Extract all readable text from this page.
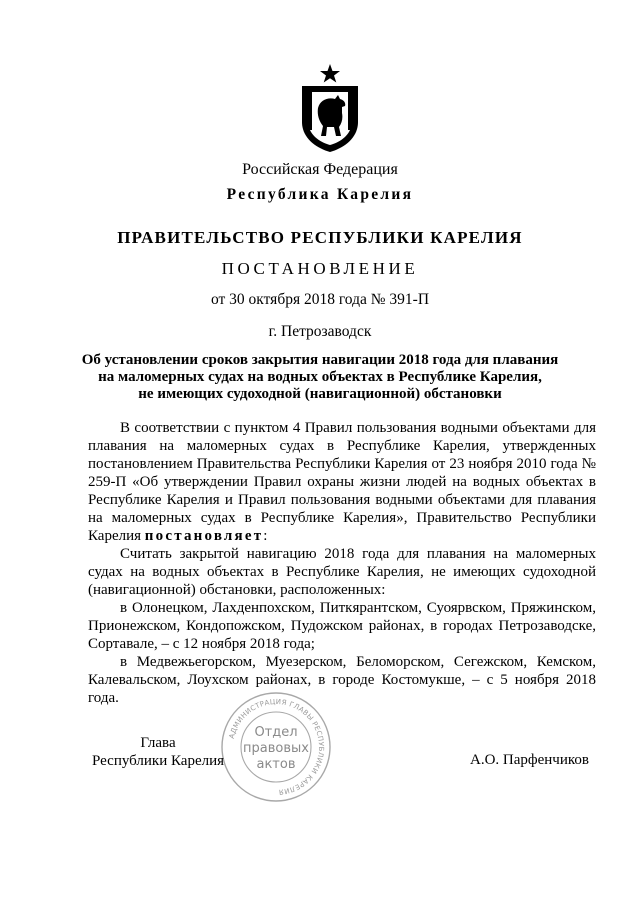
Российская Федерация
Республика Карелия
ПРАВИТЕЛЬСТВО РЕСПУБЛИКИ КАРЕЛИЯ
ПОСТАНОВЛЕНИЕ
от 30 октября 2018 года № 391-П
г. Петрозаводск
Об установлении сроков закрытия навигации 2018 года для плавания
на маломерных судах на водных объектах в Республике Карелия,
не имеющих судоходной (навигационной) обстановки

В соответствии с пунктом 4 Правил пользования водными объектами для плавания на маломерных судах в Республике Карелия, утвержденных постановлением Правительства Республики Карелия от 23 ноября 2010 года № 259-П «Об утверждении Правил охраны жизни людей на водных объектах в Республике Карелия и Правил пользования водными объектами для плавания на маломерных судах в Республике Карелия», Правительство Республики Карелия постановляет:

Считать закрытой навигацию 2018 года для плавания на маломерных судах на водных объектах в Республике Карелия, не имеющих судоходной (навигационной) обстановки, расположенных:

в Олонецком, Лахденпохском, Питкярантском, Суоярвском, Пряжинском, Прионежском, Кондопожском, Пудожском районах, в городах Петрозаводске, Сортавале, – с 12 ноября 2018 года;

в Медвежьегорском, Муезерском, Беломорском, Сегежском, Кемском, Калевальском, Лоухском районах, в городе Костомукше, – с 5 ноября 2018 года.

АДМИНИСТРАЦИЯ ГЛАВЫ РЕСПУБЛИКИ КАРЕЛИЯ
Отдел
правовых
актов
Глава
Республики Карелия	А.О. Парфенчиков
